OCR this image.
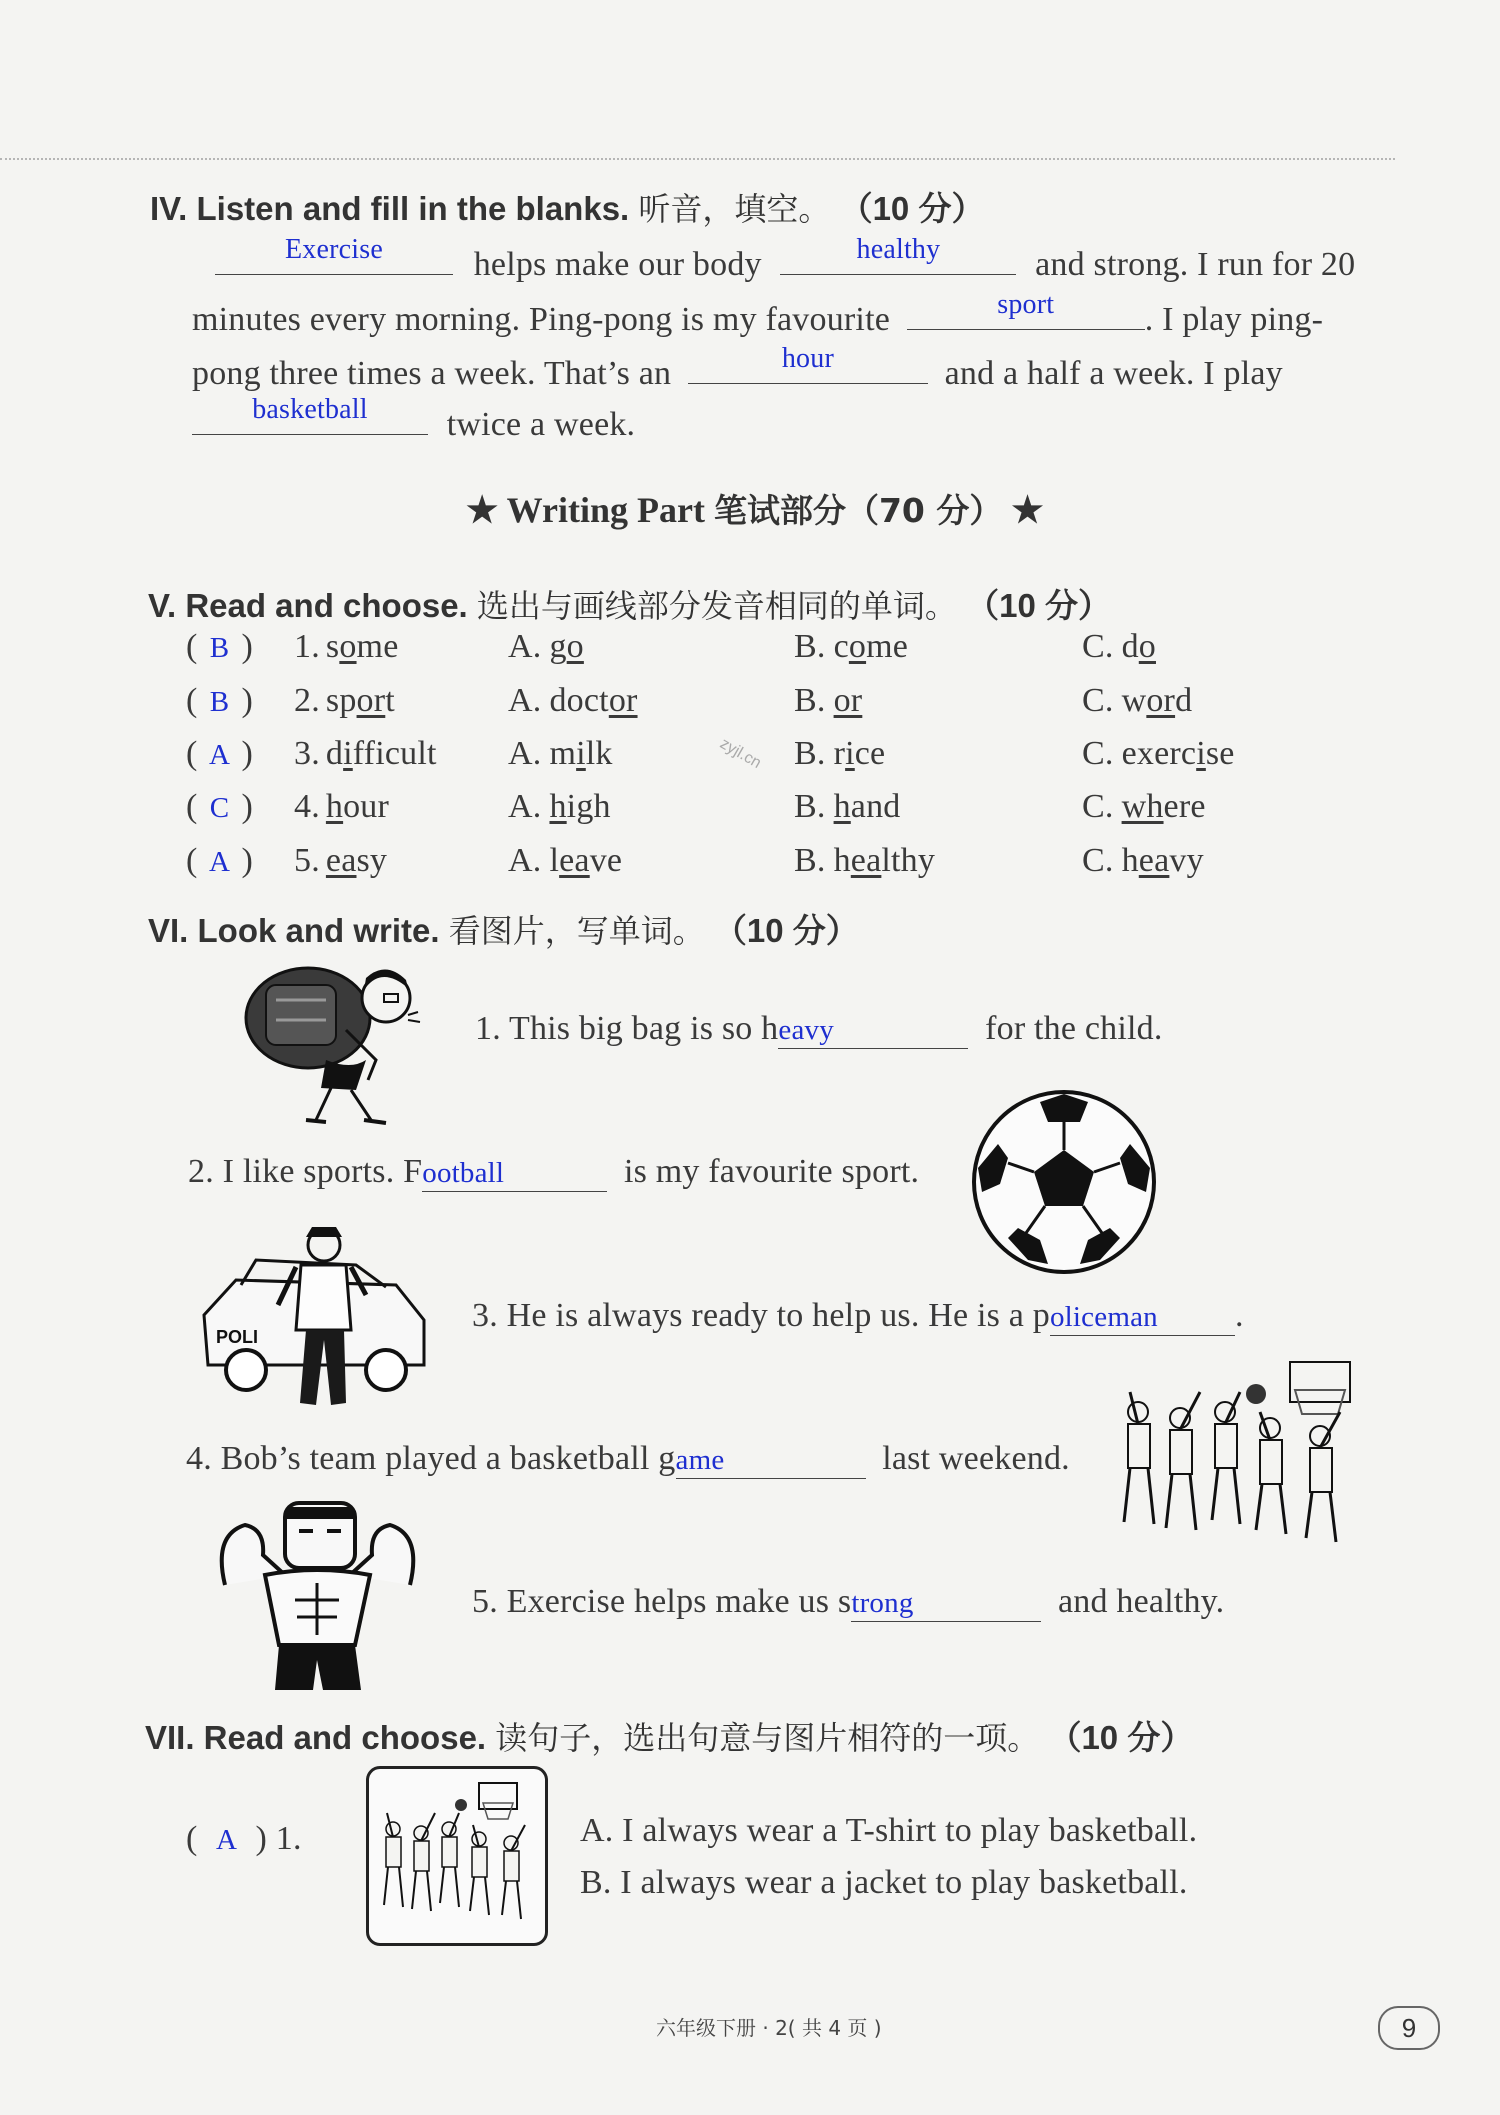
IV. Listen and fill in the blanks. 听音，填空。 （10 分）
Exercise	helps make our body	healthy	and strong. I run for 20
minutes every morning. Ping-pong is my favourite	sport	. I play ping-
pong three times a week. That’s an	hour	and a half a week. I play
basketball	twice a week.
★ Writing Part 笔试部分（70 分） ★
V. Read and choose. 选出与画线部分发音相同的单词。 （10 分）
( B ) 1. some	A. go	B. come	C. do
( B ) 2. sport	A. doctor	B. or	C. word
( A ) 3. difficult A. milk	B. rice	C. exercise
( C ) 4. hour	A. high	B. hand	C. where
( A ) 5. easy	A. leave	B. healthy	C. heavy
zyjl.cn
VI. Look and write. 看图片，写单词。 （10 分）
1. This big bag is so heavy	for the child.
2. I like sports. Football	is my favourite sport.
POLI
3. He is always ready to help us. He is a policeman .
4. Bob’s team played a basketball game	last weekend.
5. Exercise helps make us strong	and healthy.
VII. Read and choose. 读句子，选出句意与图片相符的一项。 （10 分）
( A ) 1.	A. I always wear a T-shirt to play basketball.
B. I always wear a jacket to play basketball.
六年级下册 · 2( 共 4 页 )	9
